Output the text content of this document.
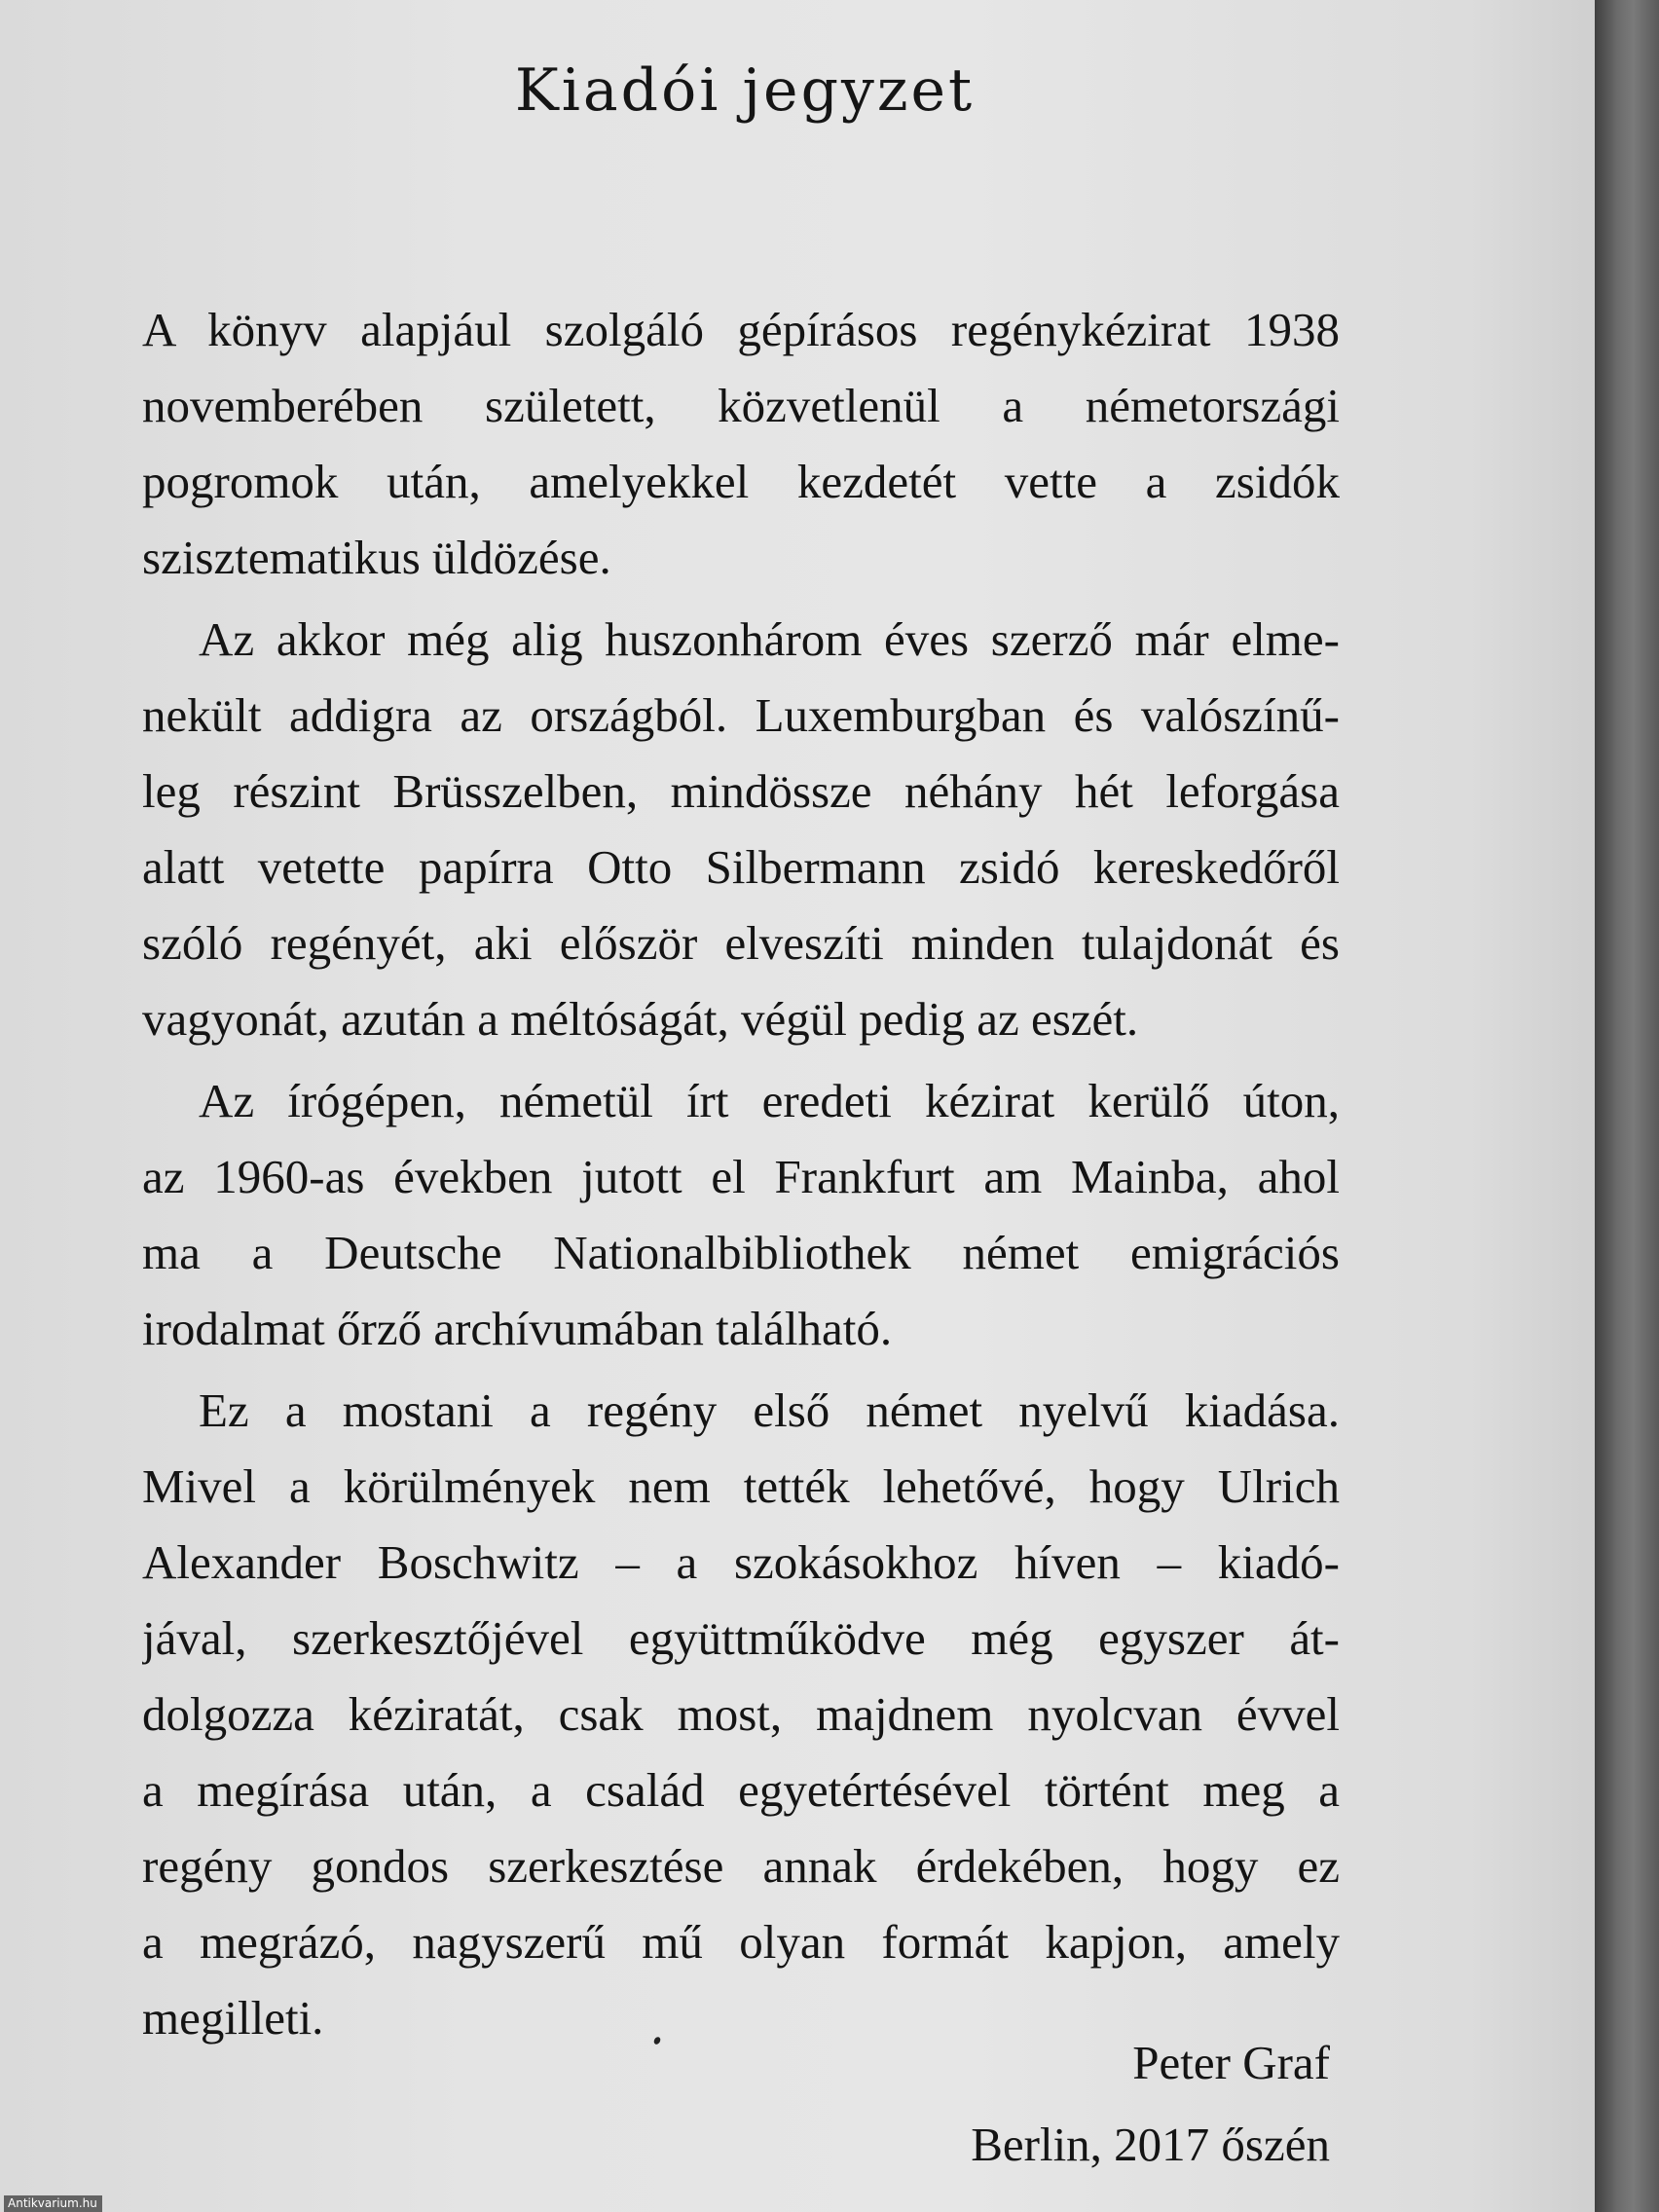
Kiadói jegyzet
A könyv alapjául szolgáló gépírásos regénykézirat 1938
novemberében született, közvetlenül a németországi
pogromok után, amelyekkel kezdetét vette a zsidók
szisztematikus üldözése.
Az akkor még alig huszonhárom éves szerző már elme-
nekült addigra az országból. Luxemburgban és valószínű-
leg részint Brüsszelben, mindössze néhány hét leforgása
alatt vetette papírra Otto Silbermann zsidó kereskedőről
szóló regényét, aki először elveszíti minden tulajdonát és
vagyonát, azután a méltóságát, végül pedig az eszét.
Az írógépen, németül írt eredeti kézirat kerülő úton,
az 1960-as években jutott el Frankfurt am Mainba, ahol
ma a Deutsche Nationalbibliothek német emigrációs
irodalmat őrző archívumában található.
Ez a mostani a regény első német nyelvű kiadása.
Mivel a körülmények nem tették lehetővé, hogy Ulrich
Alexander Boschwitz – a szokásokhoz híven – kiadó-
jával, szerkesztőjével együttműködve még egyszer át-
dolgozza kéziratát, csak most, majdnem nyolcvan évvel
a megírása után, a család egyetértésével történt meg a
regény gondos szerkesztése annak érdekében, hogy ez
a megrázó, nagyszerű mű olyan formát kapjon, amely
megilleti.
Peter Graf
Berlin, 2017 őszén
Antikvarium.hu
